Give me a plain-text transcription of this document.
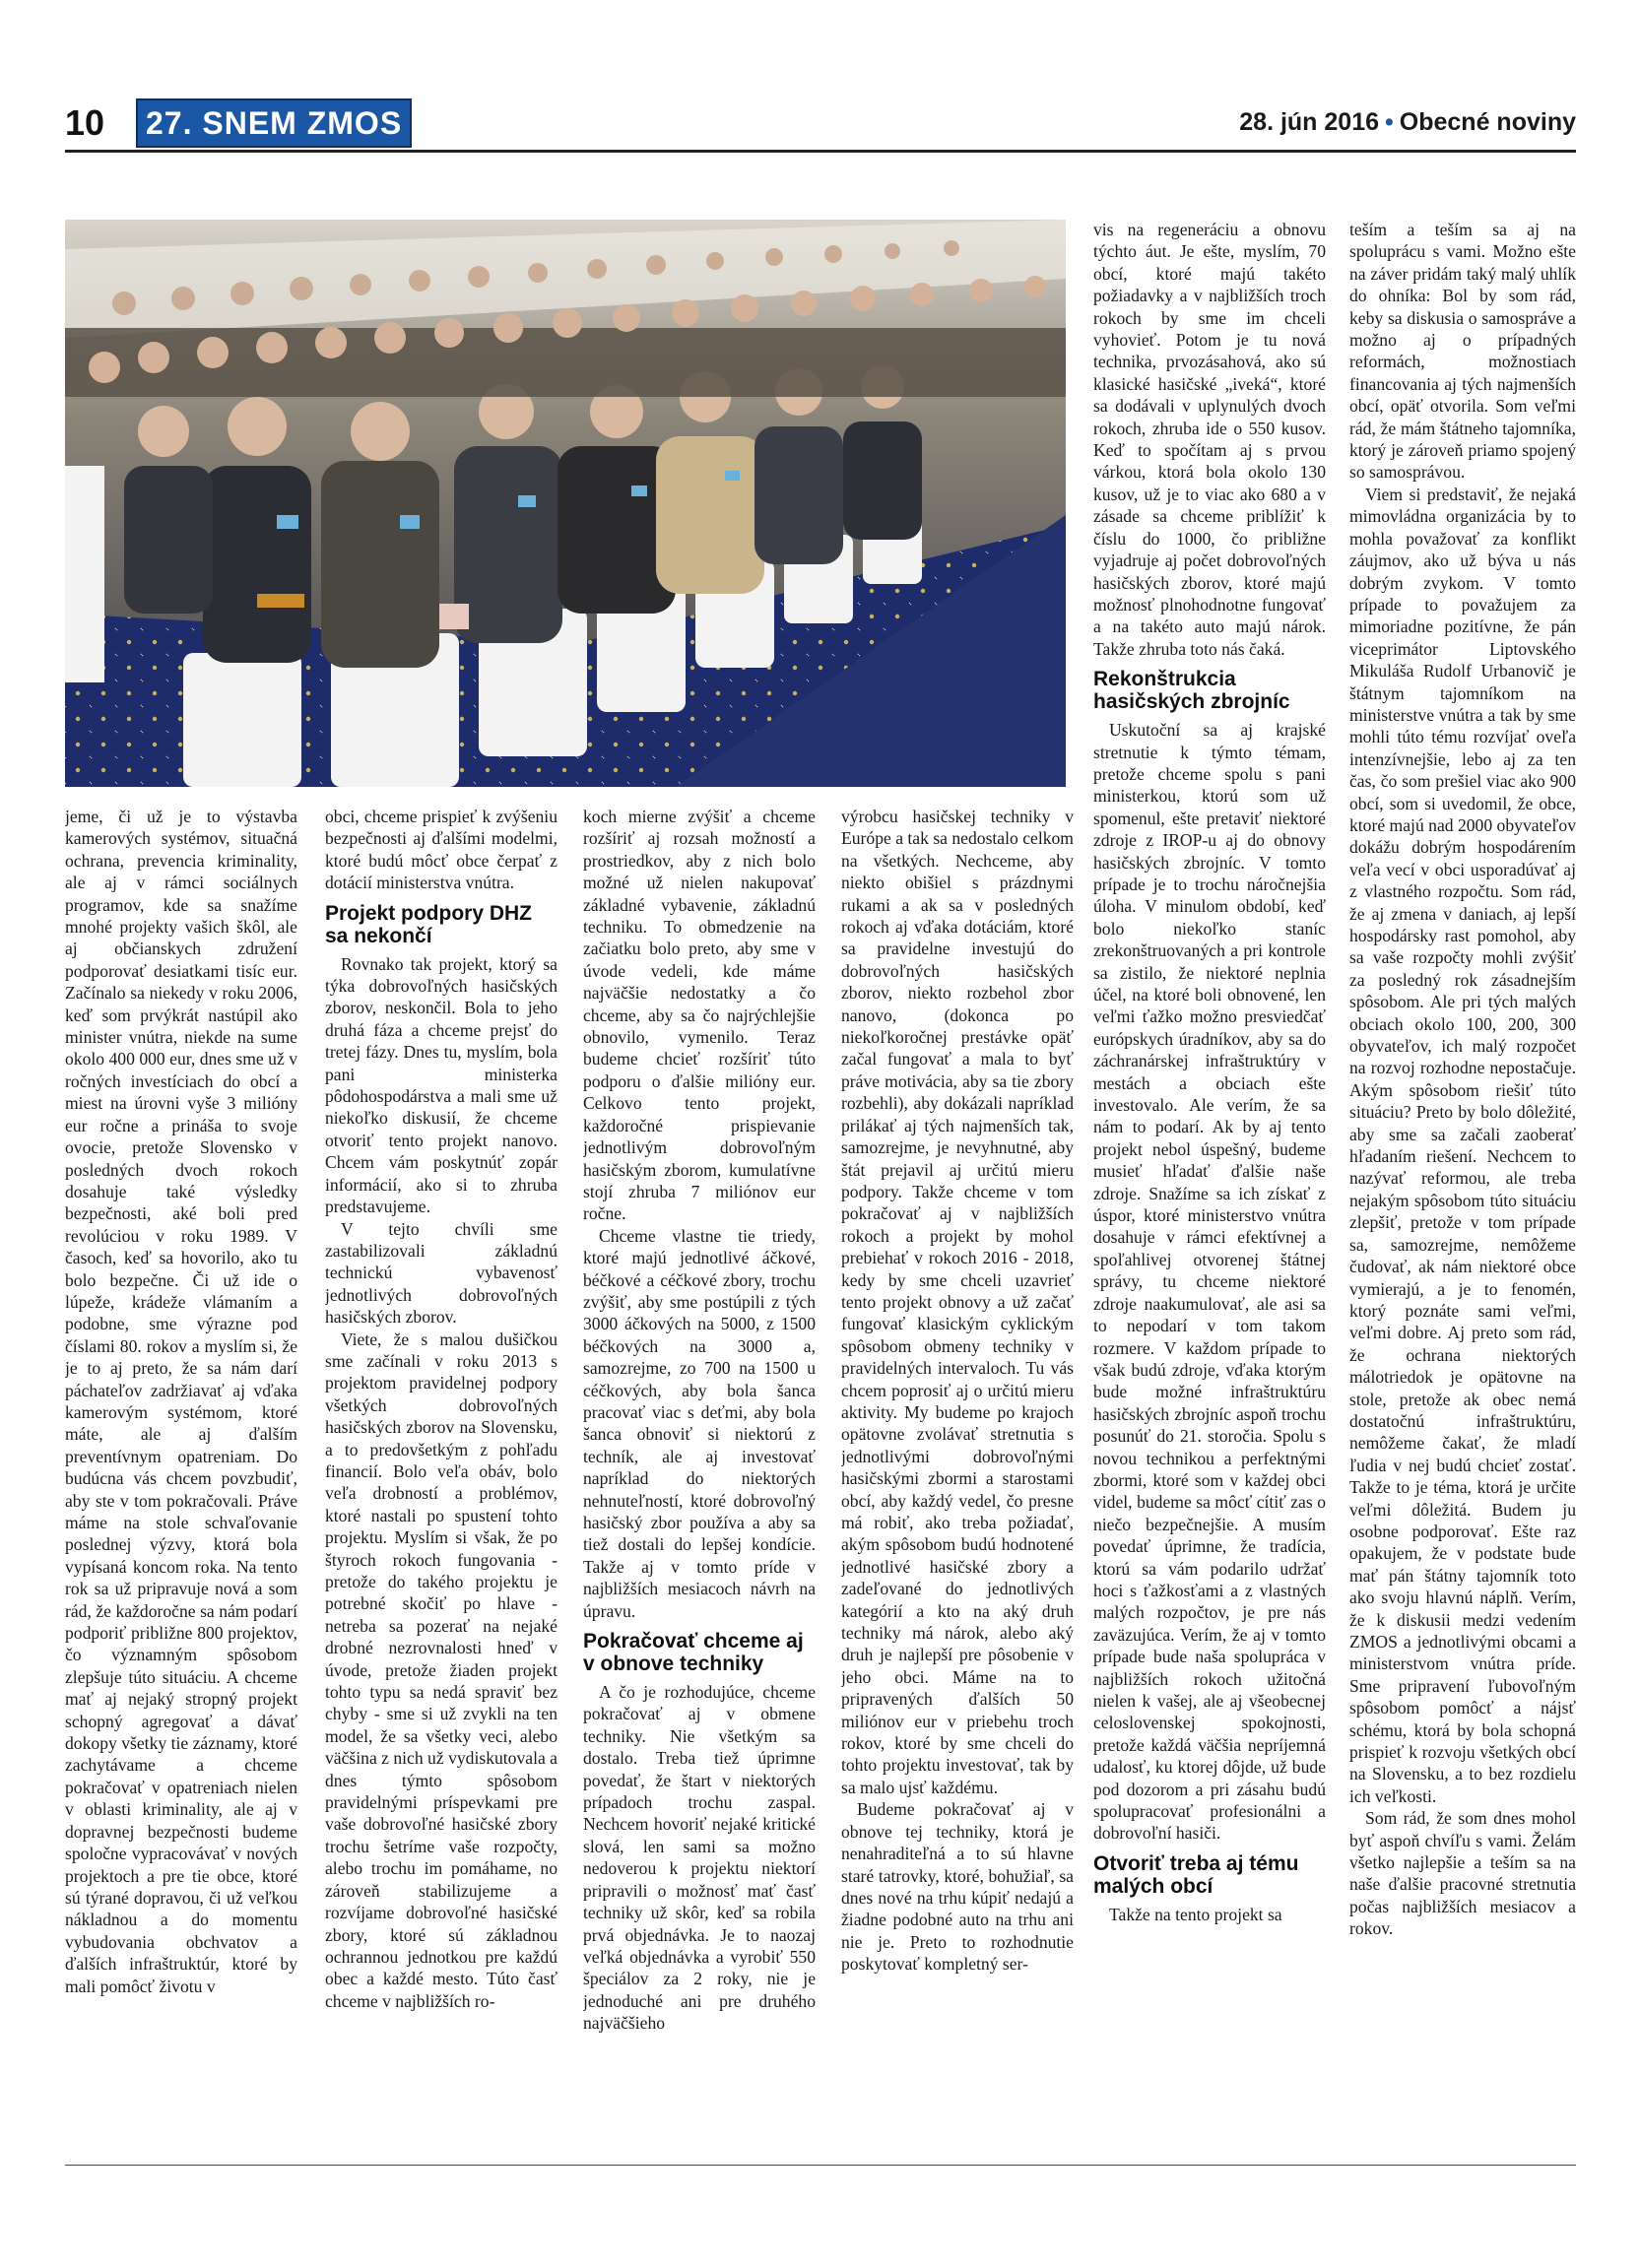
10	27. SNEM ZMOS	28. jún 2016 • Obecné noviny

jeme, či už je to výstavba kamerových systémov, situačná ochrana, prevencia kriminality, ale aj v rámci sociálnych programov, kde sa snažíme mnohé projekty vašich škôl, ale aj občianskych združení podporovať desiatkami tisíc eur. Začínalo sa niekedy v roku 2006, keď som prvýkrát nastúpil ako minister vnútra, niekde na sume okolo 400 000 eur, dnes sme už v ročných investíciach do obcí a miest na úrovni vyše 3 milióny eur ročne a prináša to svoje ovocie, pretože Slovensko v posledných dvoch rokoch dosahuje také výsledky bezpečnosti, aké boli pred revolúciou v roku 1989. V časoch, keď sa hovorilo, ako tu bolo bezpečne. Či už ide o lúpeže, krádeže vlámaním a podobne, sme výrazne pod číslami 80. rokov a myslím si, že je to aj preto, že sa nám darí páchateľov zadržiavať aj vďaka kamerovým systémom, ktoré máte, ale aj ďalším preventívnym opatreniam. Do budúcna vás chcem povzbudiť, aby ste v tom pokračovali. Práve máme na stole schvaľovanie poslednej výzvy, ktorá bola vypísaná koncom roka. Na tento rok sa už pripravuje nová a som rád, že každoročne sa nám podarí podporiť približne 800 projektov, čo významným spôsobom zlepšuje túto situáciu. A chceme mať aj nejaký stropný projekt schopný agregovať a dávať dokopy všetky tie záznamy, ktoré zachytávame a chceme pokračovať v opatreniach nielen v oblasti kriminality, ale aj v dopravnej bezpečnosti budeme spoločne vypracovávať v nových projektoch a pre tie obce, ktoré sú týrané dopravou, či už veľkou nákladnou a do momentu vybudovania obchvatov a ďalších infraštruktúr, ktoré by mali pomôcť životu v

obci, chceme prispieť k zvýšeniu bezpečnosti aj ďalšími modelmi, ktoré budú môcť obce čerpať z dotácií ministerstva vnútra.

Projekt podpory DHZ sa nekončí

Rovnako tak projekt, ktorý sa týka dobrovoľných hasičských zborov, neskončil. Bola to jeho druhá fáza a chceme prejsť do tretej fázy. Dnes tu, myslím, bola pani ministerka pôdohospodárstva a mali sme už niekoľko diskusií, že chceme otvoriť tento projekt nanovo. Chcem vám poskytnúť zopár informácií, ako si to zhruba predstavujeme.

V tejto chvíli sme zastabilizovali základnú technickú vybavenosť jednotlivých dobrovoľných hasičských zborov.

Viete, že s malou dušičkou sme začínali v roku 2013 s projektom pravidelnej podpory všetkých dobrovoľných hasičských zborov na Slovensku, a to predovšetkým z pohľadu financií. Bolo veľa obáv, bolo veľa drobností a problémov, ktoré nastali po spustení tohto projektu. Myslím si však, že po štyroch rokoch fungovania - pretože do takého projektu je potrebné skočiť po hlave - netreba sa pozerať na nejaké drobné nezrovnalosti hneď v úvode, pretože žiaden projekt tohto typu sa nedá spraviť bez chyby - sme si už zvykli na ten model, že sa všetky veci, alebo väčšina z nich už vydiskutovala a dnes týmto spôsobom pravidelnými príspevkami pre vaše dobrovoľné hasičské zbory trochu šetríme vaše rozpočty, alebo trochu im pomáhame, no zároveň stabilizujeme a rozvíjame dobrovoľné hasičské zbory, ktoré sú základnou ochrannou jednotkou pre každú obec a každé mesto. Túto časť chceme v najbližších ro-

koch mierne zvýšiť a chceme rozšíriť aj rozsah možností a prostriedkov, aby z nich bolo možné už nielen nakupovať základné vybavenie, základnú techniku. To obmedzenie na začiatku bolo preto, aby sme v úvode vedeli, kde máme najväčšie nedostatky a čo chceme, aby sa čo najrýchlejšie obnovilo, vymenilo. Teraz budeme chcieť rozšíriť túto podporu o ďalšie milióny eur. Celkovo tento projekt, každoročné prispievanie jednotlivým dobrovoľným hasičským zborom, kumulatívne stojí zhruba 7 miliónov eur ročne.

Chceme vlastne tie triedy, ktoré majú jednotlivé áčkové, béčkové a céčkové zbory, trochu zvýšiť, aby sme postúpili z tých 3000 áčkových na 5000, z 1500 béčkových na 3000 a, samozrejme, zo 700 na 1500 u céčkových, aby bola šanca pracovať viac s deťmi, aby bola šanca obnoviť si niektorú z techník, ale aj investovať napríklad do niektorých nehnuteľností, ktoré dobrovoľný hasičský zbor používa a aby sa tiež dostali do lepšej kondície. Takže aj v tomto príde v najbližších mesiacoch návrh na úpravu.

Pokračovať chceme aj v obnove techniky

A čo je rozhodujúce, chceme pokračovať aj v obmene techniky. Nie všetkým sa dostalo. Treba tiež úprimne povedať, že štart v niektorých prípadoch trochu zaspal. Nechcem hovoriť nejaké kritické slová, len sami sa možno nedoverou k projektu niektorí pripravili o možnosť mať časť techniky už skôr, keď sa robila prvá objednávka. Je to naozaj veľká objednávka a vyrobiť 550 špeciálov za 2 roky, nie je jednoduché ani pre druhého najväčšieho

výrobcu hasičskej techniky v Európe a tak sa nedostalo celkom na všetkých. Nechceme, aby niekto obišiel s prázdnymi rukami a ak sa v posledných rokoch aj vďaka dotáciám, ktoré sa pravidelne investujú do dobrovoľných hasičských zborov, niekto rozbehol zbor nanovo, (dokonca po niekoľkoročnej prestávke opäť začal fungovať a mala to byť práve motivácia, aby sa tie zbory rozbehli), aby dokázali napríklad prilákať aj tých najmenších tak, samozrejme, je nevyhnutné, aby štát prejavil aj určitú mieru podpory. Takže chceme v tom pokračovať aj v najbližších rokoch a projekt by mohol prebiehať v rokoch 2016 - 2018, kedy by sme chceli uzavrieť tento projekt obnovy a už začať fungovať klasickým cyklickým spôsobom obmeny techniky v pravidelných intervaloch. Tu vás chcem poprosiť aj o určitú mieru aktivity. My budeme po krajoch opätovne zvolávať stretnutia s jednotlivými dobrovoľnými hasičskými zbormi a starostami obcí, aby každý vedel, čo presne má robiť, ako treba požiadať, akým spôsobom budú hodnotené jednotlivé hasičské zbory a zadeľované do jednotlivých kategórií a kto na aký druh techniky má nárok, alebo aký druh je najlepší pre pôsobenie v jeho obci. Máme na to pripravených ďalších 50 miliónov eur v priebehu troch rokov, ktoré by sme chceli do tohto projektu investovať, tak by sa malo ujsť každému.

Budeme pokračovať aj v obnove tej techniky, ktorá je nenahraditeľná a to sú hlavne staré tatrovky, ktoré, bohužiaľ, sa dnes nové na trhu kúpiť nedajú a žiadne podobné auto na trhu ani nie je. Preto to rozhodnutie poskytovať kompletný ser-

vis na regeneráciu a obnovu týchto áut. Je ešte, myslím, 70 obcí, ktoré majú takéto požiadavky a v najbližších troch rokoch by sme im chceli vyhovieť. Potom je tu nová technika, prvozásahová, ako sú klasické hasičské „iveká“, ktoré sa dodávali v uplynulých dvoch rokoch, zhruba ide o 550 kusov. Keď to spočítam aj s prvou várkou, ktorá bola okolo 130 kusov, už je to viac ako 680 a v zásade sa chceme priblížiť k číslu do 1000, čo približne vyjadruje aj počet dobrovoľných hasičských zborov, ktoré majú možnosť plnohodnotne fungovať a na takéto auto majú nárok. Takže zhruba toto nás čaká.

Rekonštrukcia hasičských zbrojníc

Uskutoční sa aj krajské stretnutie k týmto témam, pretože chceme spolu s pani ministerkou, ktorú som už spomenul, ešte pretaviť niektoré zdroje z IROP-u aj do obnovy hasičských zbrojníc. V tomto prípade je to trochu náročnejšia úloha. V minulom období, keď bolo niekoľko staníc zrekonštruovaných a pri kontrole sa zistilo, že niektoré neplnia účel, na ktoré boli obnovené, len veľmi ťažko možno presviedčať európskych úradníkov, aby sa do záchranárskej infraštruktúry v mestách a obciach ešte investovalo. Ale verím, že sa nám to podarí. Ak by aj tento projekt nebol úspešný, budeme musieť hľadať ďalšie naše zdroje. Snažíme sa ich získať z úspor, ktoré ministerstvo vnútra dosahuje v rámci efektívnej a spoľahlivej otvorenej štátnej správy, tu chceme niektoré zdroje naakumulovať, ale asi sa to nepodarí v tom takom rozmere. V každom prípade to však budú zdroje, vďaka ktorým bude možné infraštruktúru hasičských zbrojníc aspoň trochu posunúť do 21. storočia. Spolu s novou technikou a perfektnými zbormi, ktoré som v každej obci videl, budeme sa môcť cítiť zas o niečo bezpečnejšie. A musím povedať úprimne, že tradícia, ktorú sa vám podarilo udržať hoci s ťažkosťami a z vlastných malých rozpočtov, je pre nás zaväzujúca. Verím, že aj v tomto prípade bude naša spolupráca v najbližších rokoch užitočná nielen k vašej, ale aj všeobecnej celoslovenskej spokojnosti, pretože každá väčšia nepríjemná udalosť, ku ktorej dôjde, už bude pod dozorom a pri zásahu budú spolupracovať profesionálni a dobrovoľní hasiči.

Otvoriť treba aj tému malých obcí

Takže na tento projekt sa

teším a teším sa aj na spoluprácu s vami. Možno ešte na záver pridám taký malý uhlík do ohníka: Bol by som rád, keby sa diskusia o samospráve a možno aj o prípadných reformách, možnostiach financovania aj tých najmenších obcí, opäť otvorila. Som veľmi rád, že mám štátneho tajomníka, ktorý je zároveň priamo spojený so samosprávou.

Viem si predstaviť, že nejaká mimovládna organizácia by to mohla považovať za konflikt záujmov, ako už býva u nás dobrým zvykom. V tomto prípade to považujem za mimoriadne pozitívne, že pán viceprimátor Liptovského Mikuláša Rudolf Urbanovič je štátnym tajomníkom na ministerstve vnútra a tak by sme mohli túto tému rozvíjať oveľa intenzívnejšie, lebo aj za ten čas, čo som prešiel viac ako 900 obcí, som si uvedomil, že obce, ktoré majú nad 2000 obyvateľov dokážu dobrým hospodárením veľa vecí v obci usporadúvať aj z vlastného rozpočtu. Som rád, že aj zmena v daniach, aj lepší hospodársky rast pomohol, aby sa vaše rozpočty mohli zvýšiť za posledný rok zásadnejším spôsobom. Ale pri tých malých obciach okolo 100, 200, 300 obyvateľov, ich malý rozpočet na rozvoj rozhodne nepostačuje. Akým spôsobom riešiť túto situáciu? Preto by bolo dôležité, aby sme sa začali zaoberať hľadaním riešení. Nechcem to nazývať reformou, ale treba nejakým spôsobom túto situáciu zlepšiť, pretože v tom prípade sa, samozrejme, nemôžeme čudovať, ak nám niektoré obce vymierajú, a je to fenomén, ktorý poznáte sami veľmi, veľmi dobre. Aj preto som rád, že ochrana niektorých málotriedok je opätovne na stole, pretože ak obec nemá dostatočnú infraštruktúru, nemôžeme čakať, že mladí ľudia v nej budú chcieť zostať. Takže to je téma, ktorá je určite veľmi dôležitá. Budem ju osobne podporovať. Ešte raz opakujem, že v podstate bude mať pán štátny tajomník toto ako svoju hlavnú náplň. Verím, že k diskusii medzi vedením ZMOS a jednotlivými obcami a ministerstvom vnútra príde. Sme pripravení ľubovoľným spôsobom pomôcť a nájsť schému, ktorá by bola schopná prispieť k rozvoju všetkých obcí na Slovensku, a to bez rozdielu ich veľkosti.

Som rád, že som dnes mohol byť aspoň chvíľu s vami. Želám všetko najlepšie a teším sa na naše ďalšie pracovné stretnutia počas najbližších mesiacov a rokov.
